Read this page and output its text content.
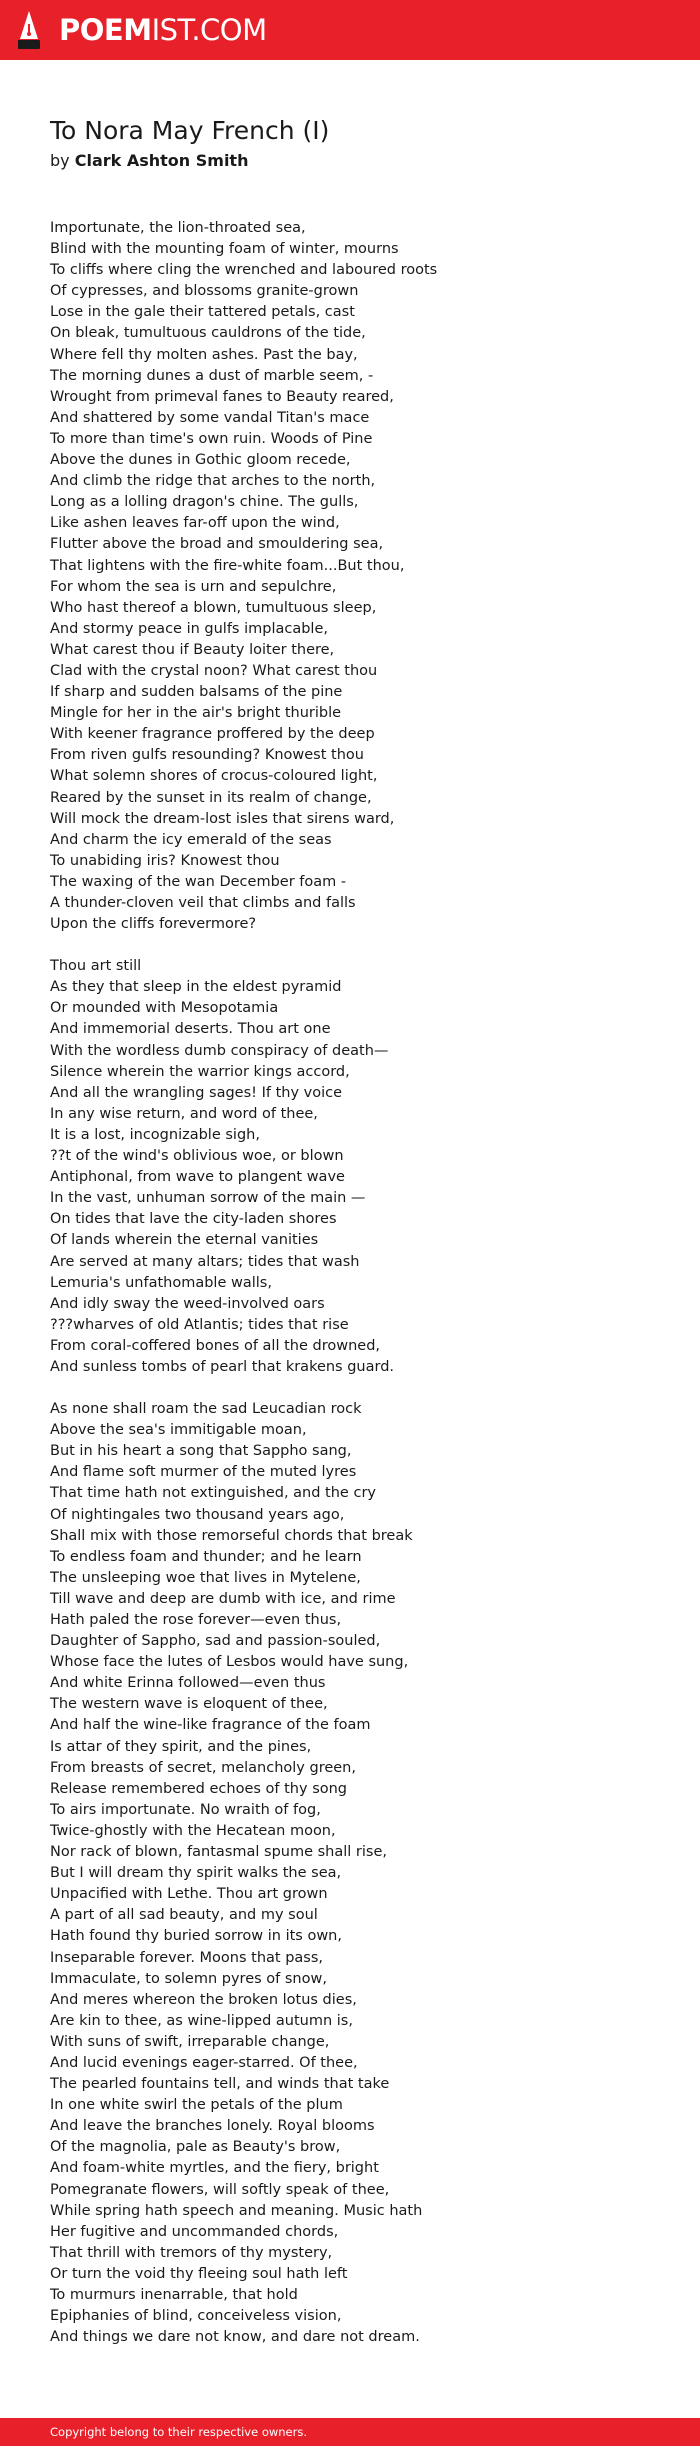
POEMIST.COM
To Nora May French (I)
by Clark Ashton Smith
Importunate, the lion-throated sea,
Blind with the mounting foam of winter, mourns
To cliffs where cling the wrenched and laboured roots
Of cypresses, and blossoms granite-grown
Lose in the gale their tattered petals, cast
On bleak, tumultuous cauldrons of the tide,
Where fell thy molten ashes. Past the bay,
The morning dunes a dust of marble seem, -
Wrought from primeval fanes to Beauty reared,
And shattered by some vandal Titan's mace
To more than time's own ruin. Woods of Pine
Above the dunes in Gothic gloom recede,
And climb the ridge that arches to the north,
Long as a lolling dragon's chine. The gulls,
Like ashen leaves far-off upon the wind,
Flutter above the broad and smouldering sea,
That lightens with the fire-white foam...But thou,
For whom the sea is urn and sepulchre,
Who hast thereof a blown, tumultuous sleep,
And stormy peace in gulfs implacable,
What carest thou if Beauty loiter there,
Clad with the crystal noon? What carest thou
If sharp and sudden balsams of the pine
Mingle for her in the air's bright thurible
With keener fragrance proffered by the deep
From riven gulfs resounding? Knowest thou
What solemn shores of crocus-coloured light,
Reared by the sunset in its realm of change,
Will mock the dream-lost isles that sirens ward,
And charm the icy emerald of the seas
To unabiding iris? Knowest thou
The waxing of the wan December foam -
A thunder-cloven veil that climbs and falls
Upon the cliffs forevermore?
Thou art still
As they that sleep in the eldest pyramid
Or mounded with Mesopotamia
And immemorial deserts. Thou art one
With the wordless dumb conspiracy of death—
Silence wherein the warrior kings accord,
And all the wrangling sages! If thy voice
In any wise return, and word of thee,
It is a lost, incognizable sigh,
??t of the wind's oblivious woe, or blown
Antiphonal, from wave to plangent wave
In the vast, unhuman sorrow of the main —
On tides that lave the city-laden shores
Of lands wherein the eternal vanities
Are served at many altars; tides that wash
Lemuria's unfathomable walls,
And idly sway the weed-involved oars
???wharves of old Atlantis; tides that rise
From coral-coffered bones of all the drowned,
And sunless tombs of pearl that krakens guard.
As none shall roam the sad Leucadian rock
Above the sea's immitigable moan,
But in his heart a song that Sappho sang,
And flame soft murmer of the muted lyres
That time hath not extinguished, and the cry
Of nightingales two thousand years ago,
Shall mix with those remorseful chords that break
To endless foam and thunder; and he learn
The unsleeping woe that lives in Mytelene,
Till wave and deep are dumb with ice, and rime
Hath paled the rose forever—even thus,
Daughter of Sappho, sad and passion-souled,
Whose face the lutes of Lesbos would have sung,
And white Erinna followed—even thus
The western wave is eloquent of thee,
And half the wine-like fragrance of the foam
Is attar of they spirit, and the pines,
From breasts of secret, melancholy green,
Release remembered echoes of thy song
To airs importunate. No wraith of fog,
Twice-ghostly with the Hecatean moon,
Nor rack of blown, fantasmal spume shall rise,
But I will dream thy spirit walks the sea,
Unpacified with Lethe. Thou art grown
A part of all sad beauty, and my soul
Hath found thy buried sorrow in its own,
Inseparable forever. Moons that pass,
Immaculate, to solemn pyres of snow,
And meres whereon the broken lotus dies,
Are kin to thee, as wine-lipped autumn is,
With suns of swift, irreparable change,
And lucid evenings eager-starred. Of thee,
The pearled fountains tell, and winds that take
In one white swirl the petals of the plum
And leave the branches lonely. Royal blooms
Of the magnolia, pale as Beauty's brow,
And foam-white myrtles, and the fiery, bright
Pomegranate flowers, will softly speak of thee,
While spring hath speech and meaning. Music hath
Her fugitive and uncommanded chords,
That thrill with tremors of thy mystery,
Or turn the void thy fleeing soul hath left
To murmurs inenarrable, that hold
Epiphanies of blind, conceiveless vision,
And things we dare not know, and dare not dream.
Copyright belong to their respective owners.
